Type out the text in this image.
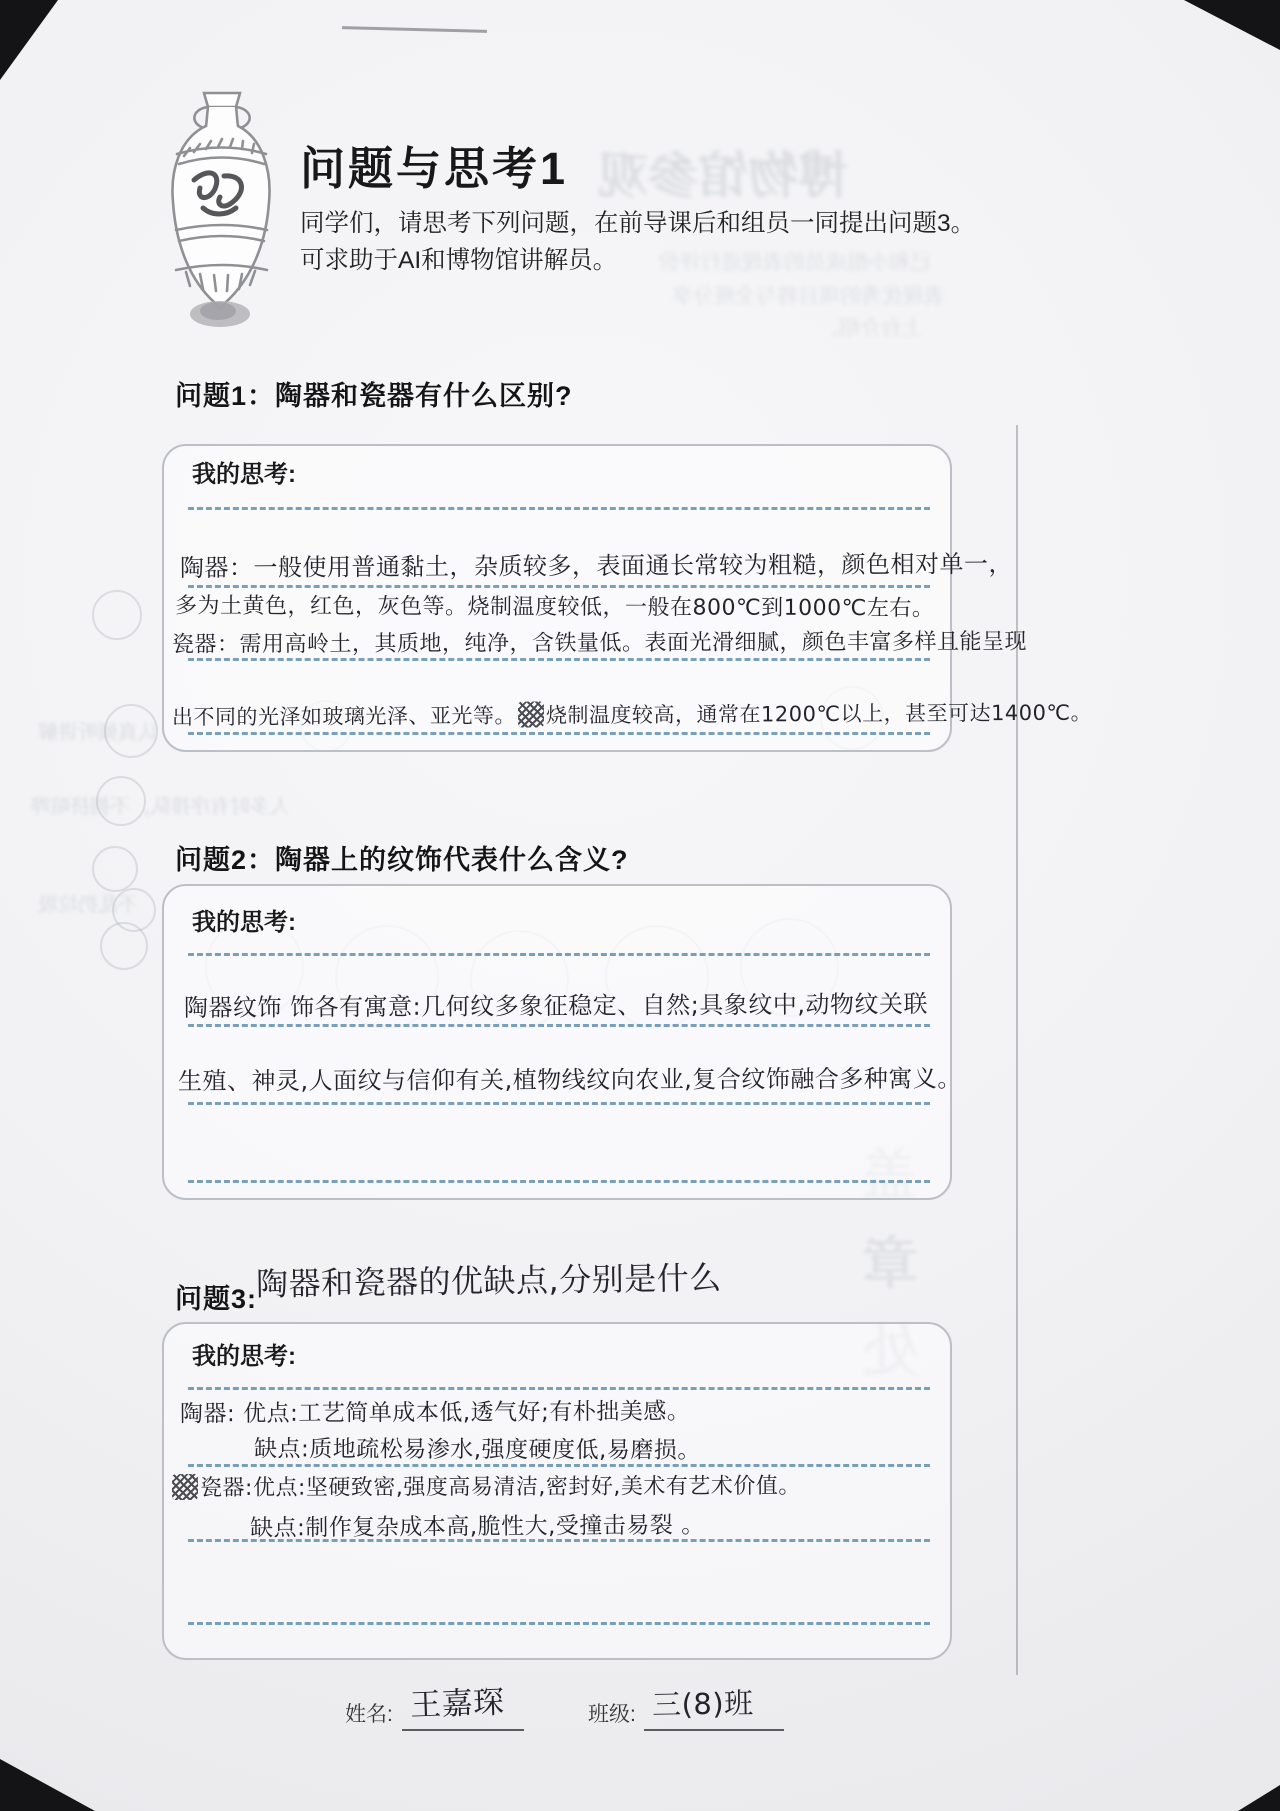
博物馆参观
已和小组成员的表现进行评价
表现优秀的项目将与全班分享
上台介绍。
认真倾听讲解
人多时有序排队，不拥挤喧哗
不乱扔垃圾
章
问题与思考1
同学们，请思考下列问题，在前导课后和组员一同提出问题3。可求助于AI和博物馆讲解员。
问题1：陶器和瓷器有什么区别?
我的思考:
陶器：一般使用普通黏土，杂质较多，表面通长常较为粗糙，颜色相对单一，
多为土黄色，红色，灰色等。烧制温度较低，一般在800℃到1000℃左右。
瓷器：需用高岭土，其质地，纯净，含铁量低。表面光滑细腻，颜色丰富多样且能呈现
出不同的光泽如玻璃光泽、亚光等。 烧制温度较高，通常在1200℃以上，甚至可达1400℃。
问题2：陶器上的纹饰代表什么含义?
我的思考:
陶器纹饰 饰各有寓意:几何纹多象征稳定、自然;具象纹中,动物纹关联
生殖、神灵,人面纹与信仰有关,植物线纹向农业,复合纹饰融合多种寓义。
问题3:
陶器和瓷器的优缺点,分别是什么
我的思考:
陶器: 优点:工艺简单成本低,透气好;有朴拙美感。
缺点:质地疏松易渗水,强度硬度低,易磨损。
瓷器:优点:坚硬致密,强度高易清洁,密封好,美术有艺术价值。
缺点:制作复杂成本高,脆性大,受撞击易裂 。
姓名: 王嘉琛	班级: 三(8)班
